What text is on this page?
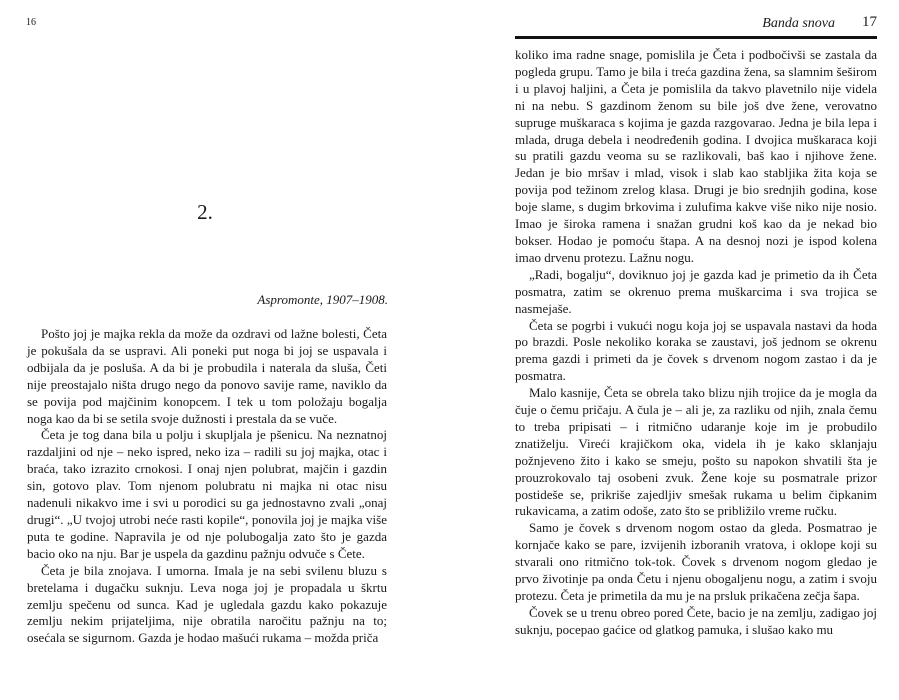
16
2.
Aspromonte, 1907–1908.

Pošto joj je majka rekla da može da ozdravi od lažne bolesti, Četa je pokušala da se uspravi. Ali poneki put noga bi joj se uspavala i odbijala da je posluša. A da bi je probudila i naterala da sluša, Četi nije preostajalo ništa drugo nego da ponovo savije rame, naviklo da se povija pod majčinim konopcem. I tek u tom položaju bogalja noga kao da bi se setila svoje dužnosti i prestala da se vuče.

Četa je tog dana bila u polju i skupljala je pšenicu. Na neznatnoj razdaljini od nje – neko ispred, neko iza – radili su joj majka, otac i braća, tako izrazito crnokosi. I onaj njen polubrat, majčin i gazdin sin, gotovo plav. Tom njenom polubratu ni majka ni otac nisu nadenuli nikakvo ime i svi u porodici su ga jednostavno zvali „onaj drugi“. „U tvojoj utrobi neće rasti kopile“, ponovila joj je majka više puta te godine. Napravila je od nje polubogalja zato što je gazda bacio oko na nju. Bar je uspela da gazdinu pažnju odvuče s Čete.

Četa je bila znojava. I umorna. Imala je na sebi svilenu bluzu s bretelama i dugačku suknju. Leva noga joj je propadala u škrtu zemlju spečenu od sunca. Kad je ugledala gazdu kako pokazuje zemlju nekim prijateljima, nije obratila naročitu pažnju na to; osećala se sigurnom. Gazda je hodao mašući rukama – možda priča

Banda snova 17

koliko ima radne snage, pomislila je Četa i podbočivši se zastala da pogleda grupu. Tamo je bila i treća gazdina žena, sa slamnim šeširom i u plavoj haljini, a Četa je pomislila da takvo plavetnilo nije videla ni na nebu. S gazdinom ženom su bile još dve žene, verovatno supruge muškaraca s kojima je gazda razgovarao. Jedna je bila lepa i mlada, druga debela i neodređenih godina. I dvojica muškaraca koji su pratili gazdu veoma su se razlikovali, baš kao i njihove žene. Jedan je bio mršav i mlad, visok i slab kao stabljika žita koja se povija pod težinom zrelog klasa. Drugi je bio srednjih godina, kose boje slame, s dugim brkovima i zulufima kakve više niko nije nosio. Imao je široka ramena i snažan grudni koš kao da je nekad bio bokser. Hodao je pomoću štapa. A na desnoj nozi je ispod kolena imao drvenu protezu. Lažnu nogu.

„Radi, bogalju“, doviknuo joj je gazda kad je primetio da ih Četa posmatra, zatim se okrenuo prema muškarcima i sva trojica se nasmejaše.

Četa se pogrbi i vukući nogu koja joj se uspavala nastavi da hoda po brazdi. Posle nekoliko koraka se zaustavi, još jednom se okrenu prema gazdi i primeti da je čovek s drvenom nogom zastao i da je posmatra.

Malo kasnije, Četa se obrela tako blizu njih trojice da je mogla da čuje o čemu pričaju. A čula je – ali je, za razliku od njih, znala čemu to treba pripisati – i ritmično udaranje koje im je probudilo znatiželju. Vireći krajičkom oka, videla ih je kako sklanjaju požnjeveno žito i kako se smeju, pošto su napokon shvatili šta je prouzrokovalo taj osobeni zvuk. Žene koje su posmatrale prizor postideše se, prikriše zajedljiv smešak rukama u belim čipkanim rukavicama, a zatim odoše, zato što se približilo vreme ručku.

Samo je čovek s drvenom nogom ostao da gleda. Posmatrao je kornjače kako se pare, izvijenih izboranih vratova, i oklope koji su stvarali ono ritmično tok-tok. Čovek s drvenom nogom gledao je prvo životinje pa onda Četu i njenu obogaljenu nogu, a zatim i svoju protezu. Četa je primetila da mu je na prsluk prikačena zečja šapa.

Čovek se u trenu obreo pored Čete, bacio je na zemlju, zadigao joj suknju, pocepao gaćice od glatkog pamuka, i slušao kako mu
